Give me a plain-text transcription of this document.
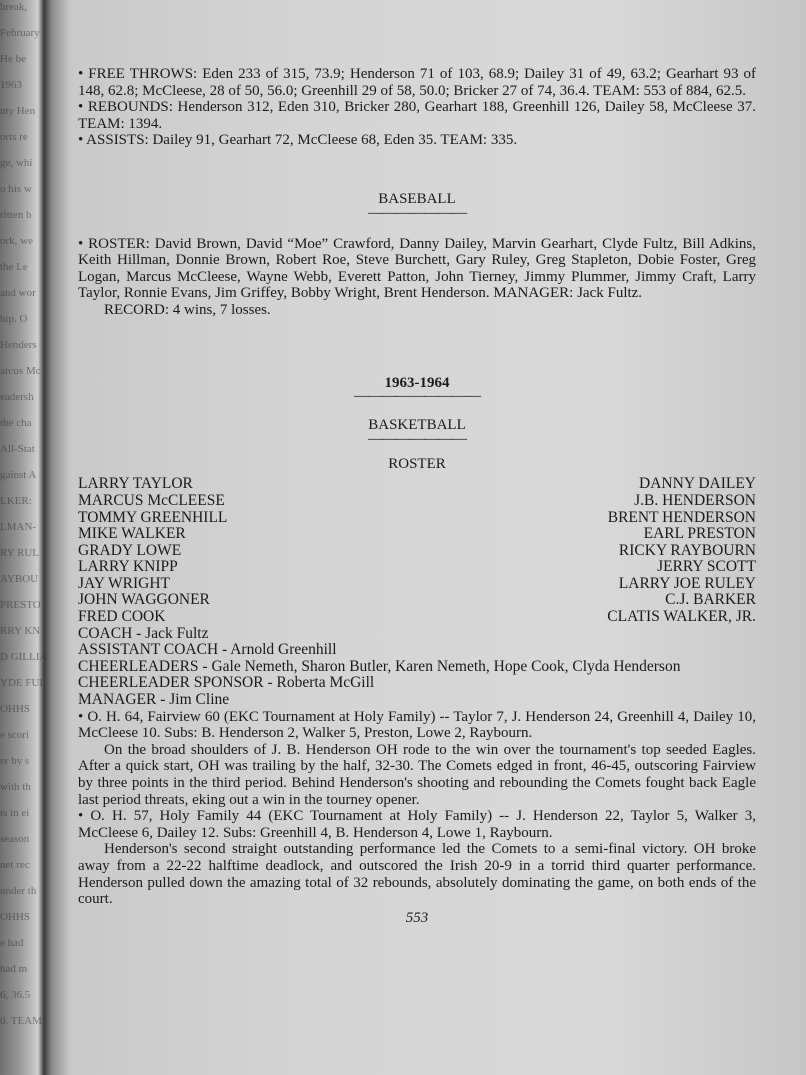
break,
February
He be
1963
nty Hen
orts re
ge, whi
o his w
ritten b
ork, we
the Le
and wor
hip. O
Henders
arcus Mc
eadersh
the cha
All-Stat
gainst A
LKER:
LMAN-
RY RUL
AYBOU
PRESTO
RRY KN
D GILLIA
YDE FUL
OHHS
e scori
er by s
with th
ts in ei
season
net rec
under th
OHHS
e had
had m
6, 36.5
0. TEAM

• FREE THROWS: Eden 233 of 315, 73.9; Henderson 71 of 103, 68.9; Dailey 31 of 49, 63.2; Gearhart 93 of 148, 62.8; McCleese, 28 of 50, 56.0; Greenhill 29 of 58, 50.0; Bricker 27 of 74, 36.4. TEAM: 553 of 884, 62.5.

• REBOUNDS: Henderson 312, Eden 310, Bricker 280, Gearhart 188, Greenhill 126, Dailey 58, McCleese 37. TEAM: 1394.

• ASSISTS: Dailey 91, Gearhart 72, McCleese 68, Eden 35. TEAM: 335.

BASEBALL

———————

• ROSTER: David Brown, David “Moe” Crawford, Danny Dailey, Marvin Gearhart, Clyde Fultz, Bill Adkins, Keith Hillman, Donnie Brown, Robert Roe, Steve Burchett, Gary Ruley, Greg Stapleton, Dobie Foster, Greg Logan, Marcus McCleese, Wayne Webb, Everett Patton, John Tierney, Jimmy Plummer, Jimmy Craft, Larry Taylor, Ronnie Evans, Jim Griffey, Bobby Wright, Brent Henderson. MANAGER: Jack Fultz.

RECORD: 4 wins, 7 losses.

1963-1964

—————————

BASKETBALL

———————

ROSTER

LARRY TAYLOR
MARCUS McCLEESE
TOMMY GREENHILL
MIKE WALKER
GRADY LOWE
LARRY KNIPP
JAY WRIGHT
JOHN WAGGONER
FRED COOK
DANNY DAILEY
J.B. HENDERSON
BRENT HENDERSON
EARL PRESTON
RICKY RAYBOURN
JERRY SCOTT
LARRY JOE RULEY
C.J. BARKER
CLATIS WALKER, JR.

COACH - Jack Fultz

ASSISTANT COACH - Arnold Greenhill

CHEERLEADERS - Gale Nemeth, Sharon Butler, Karen Nemeth, Hope Cook, Clyda Henderson

CHEERLEADER SPONSOR - Roberta McGill

MANAGER - Jim Cline

• O. H. 64, Fairview 60 (EKC Tournament at Holy Family) -- Taylor 7, J. Henderson 24, Greenhill 4, Dailey 10, McCleese 10. Subs: B. Henderson 2, Walker 5, Preston, Lowe 2, Raybourn.

On the broad shoulders of J. B. Henderson OH rode to the win over the tournament's top seeded Eagles. After a quick start, OH was trailing by the half, 32-30. The Comets edged in front, 46-45, outscoring Fairview by three points in the third period. Behind Henderson's shooting and rebounding the Comets fought back Eagle last period threats, eking out a win in the tourney opener.

• O. H. 57, Holy Family 44 (EKC Tournament at Holy Family) -- J. Henderson 22, Taylor 5, Walker 3, McCleese 6, Dailey 12. Subs: Greenhill 4, B. Henderson 4, Lowe 1, Raybourn.

Henderson's second straight outstanding performance led the Comets to a semi-final victory. OH broke away from a 22-22 halftime deadlock, and outscored the Irish 20-9 in a torrid third quarter performance. Henderson pulled down the amazing total of 32 rebounds, absolutely dominating the game, on both ends of the court.

553
